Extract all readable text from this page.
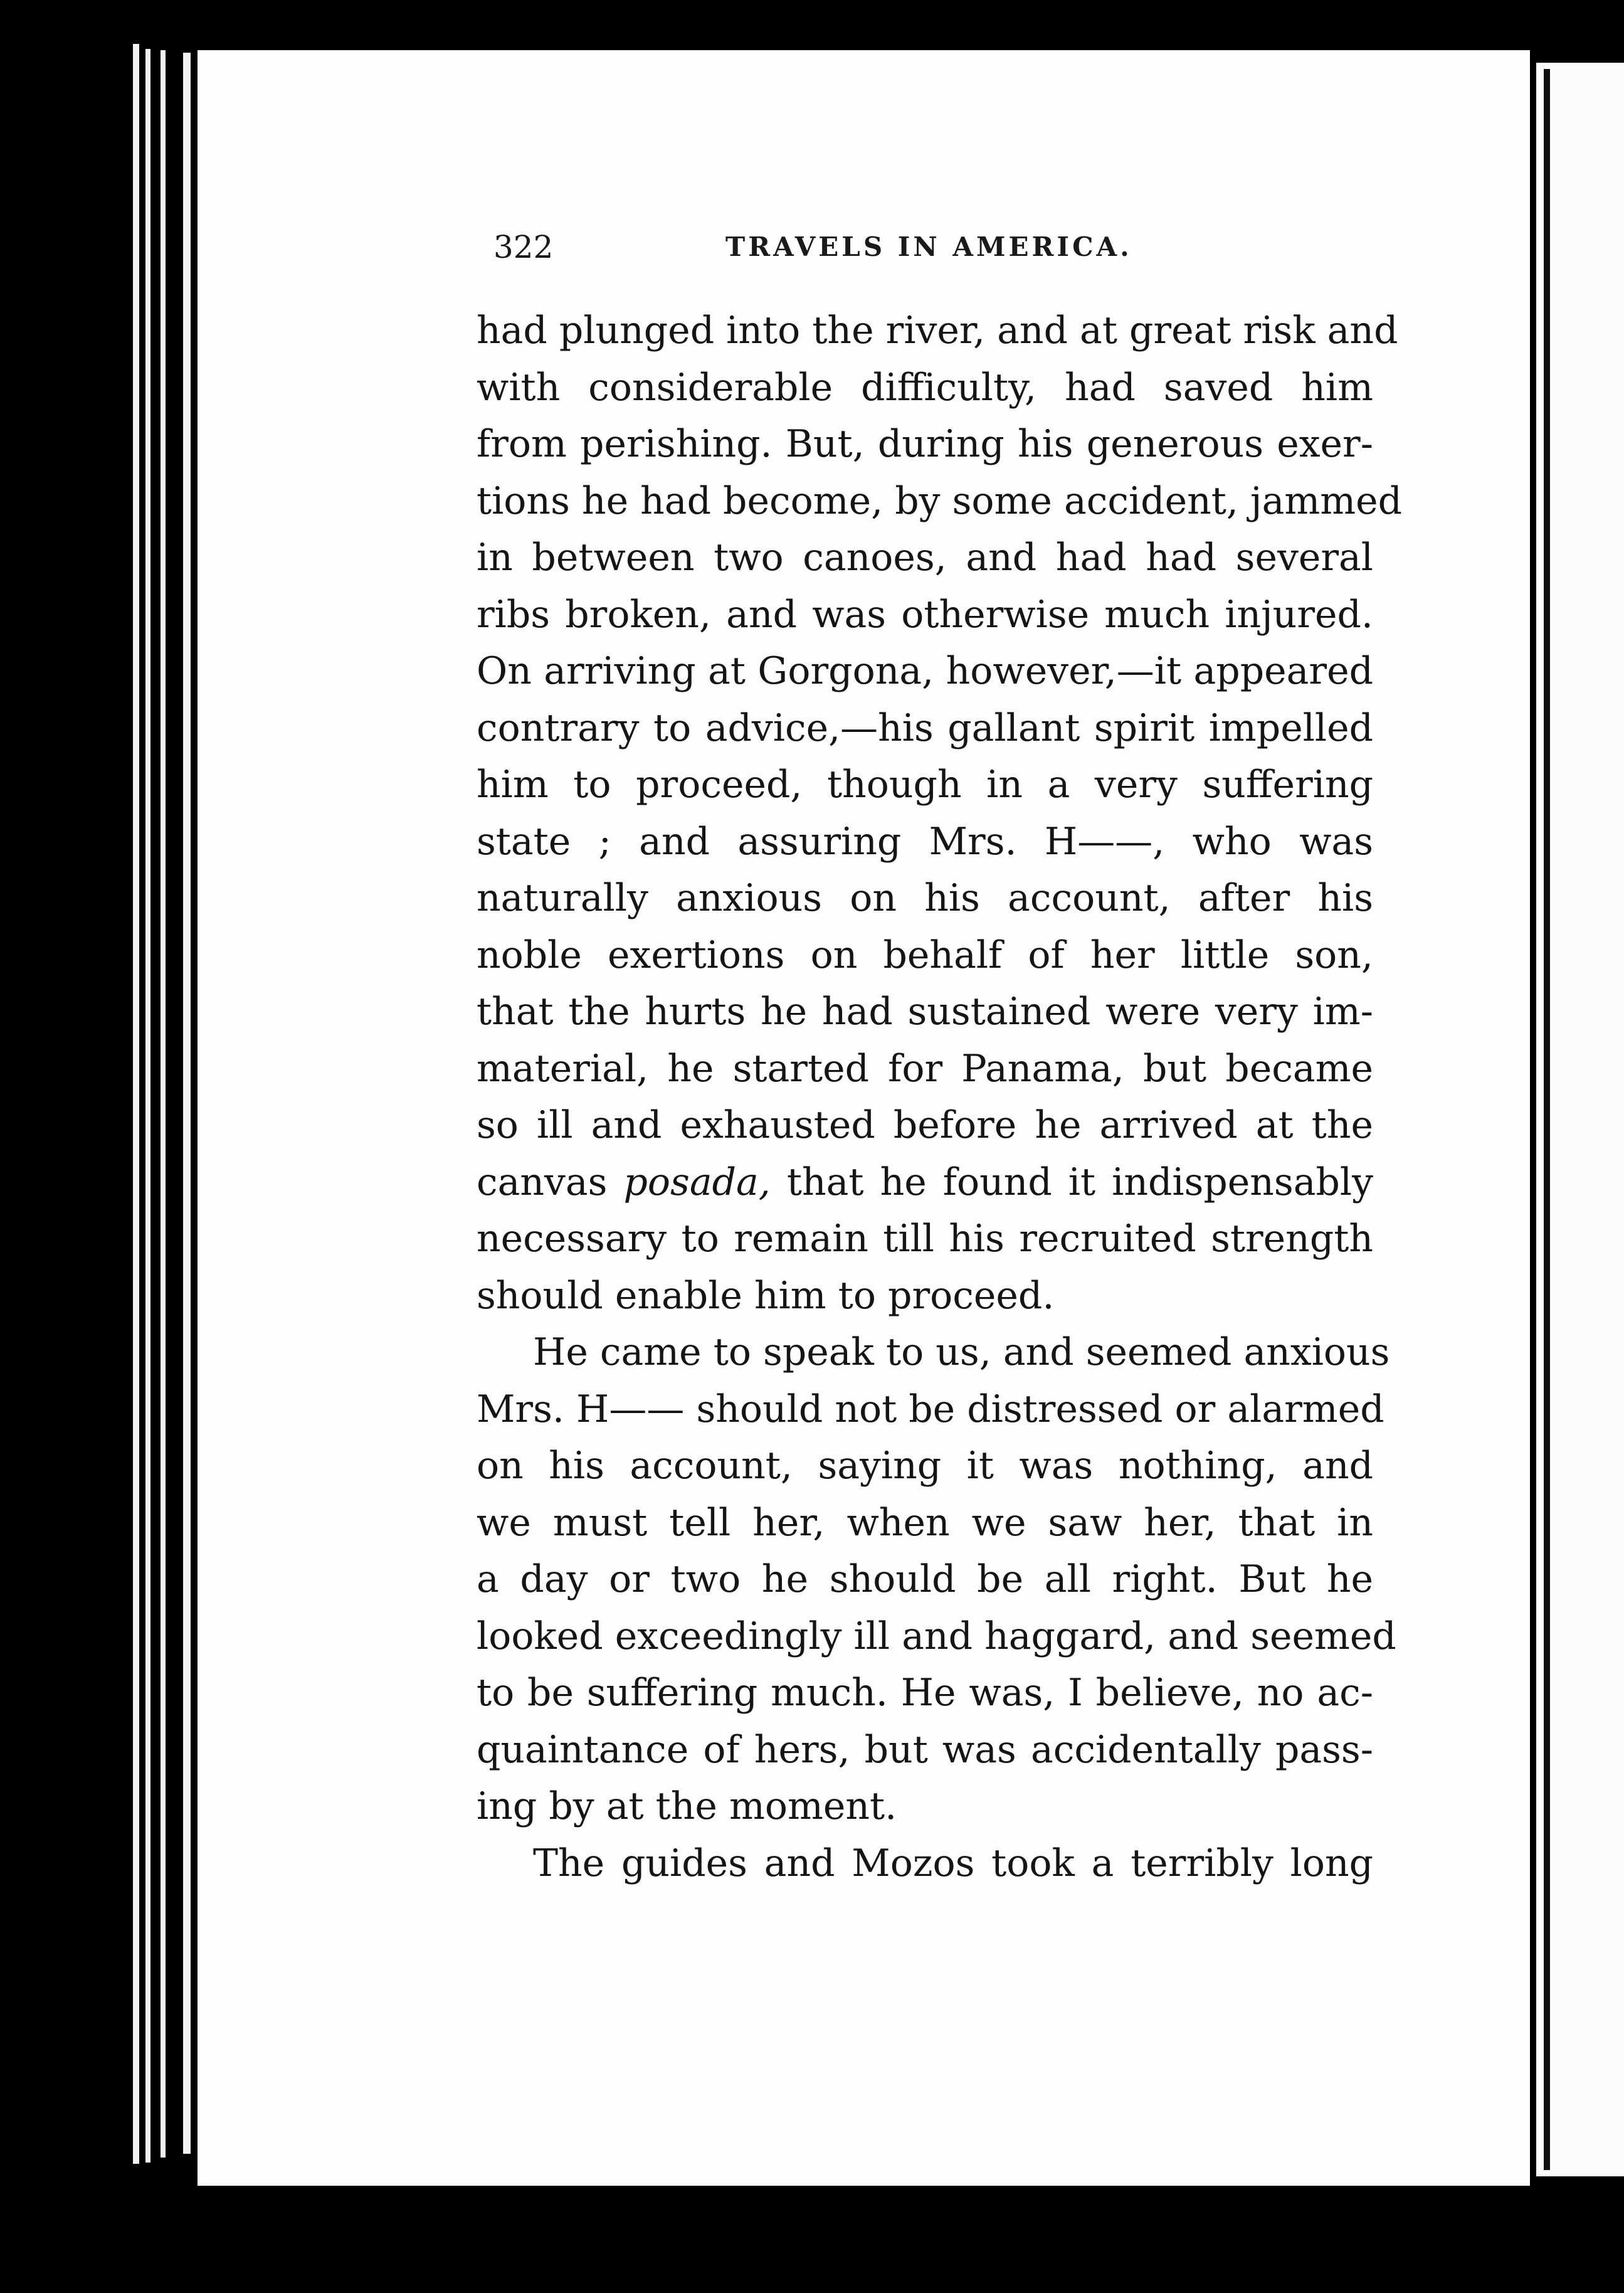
322	TRAVELS IN AMERICA.
had plunged into the river, and at great risk and
with considerable difficulty, had saved him
from perishing. But, during his generous exer-
tions he had become, by some accident, jammed
in between two canoes, and had had several
ribs broken, and was otherwise much injured.
On arriving at Gorgona, however,—it appeared
contrary to advice,—his gallant spirit impelled
him to proceed, though in a very suffering
state ; and assuring Mrs. H——, who was
naturally anxious on his account, after his
noble exertions on behalf of her little son,
that the hurts he had sustained were very im-
material, he started for Panama, but became
so ill and exhausted before he arrived at the
canvas posada, that he found it indispensably
necessary to remain till his recruited strength
should enable him to proceed.
He came to speak to us, and seemed anxious
Mrs. H—— should not be distressed or alarmed
on his account, saying it was nothing, and
we must tell her, when we saw her, that in
a day or two he should be all right. But he
looked exceedingly ill and haggard, and seemed
to be suffering much. He was, I believe, no ac-
quaintance of hers, but was accidentally pass-
ing by at the moment.
The guides and Mozos took a terribly long
